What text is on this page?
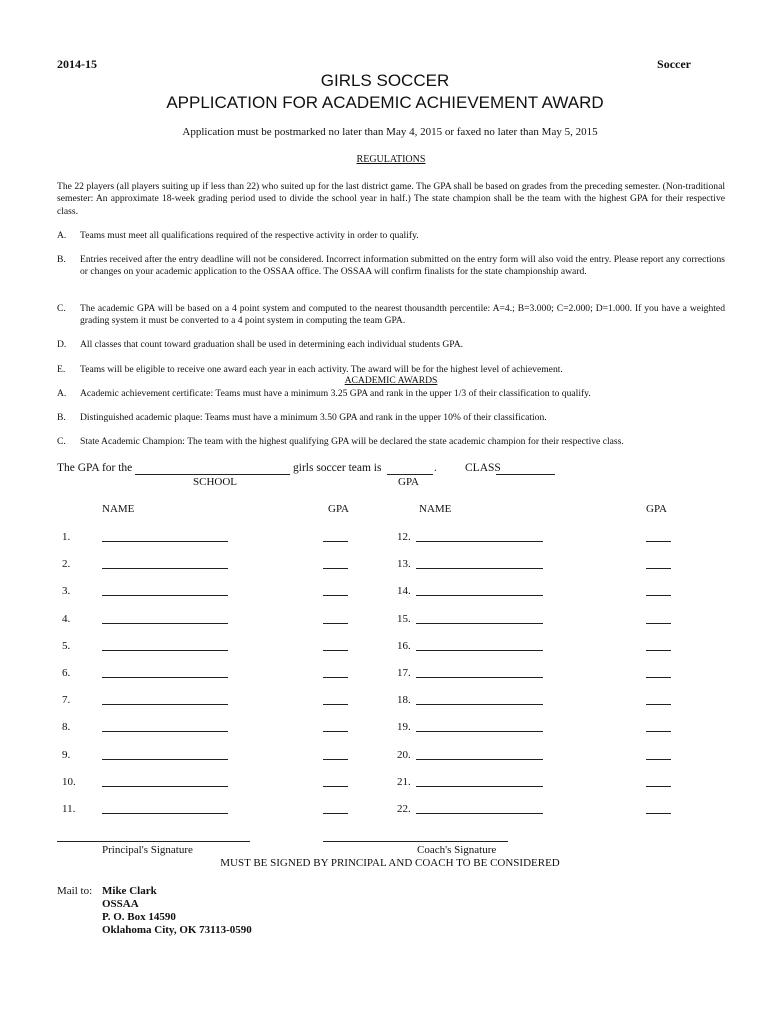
2014-15	Soccer
GIRLS SOCCER
APPLICATION FOR ACADEMIC ACHIEVEMENT AWARD
Application must be postmarked no later than May 4, 2015 or faxed no later than May 5, 2015
REGULATIONS
The 22 players (all players suiting up if less than 22) who suited up for the last district game. The GPA shall be based on grades from the preceding semester. (Non-traditional semester: An approximate 18-week grading period used to divide the school year in half.) The state champion shall be the team with the highest GPA for their respective class.
A. Teams must meet all qualifications required of the respective activity in order to qualify.
B. Entries received after the entry deadline will not be considered. Incorrect information submitted on the entry form will also void the entry. Please report any corrections or changes on your academic application to the OSSAA office. The OSSAA will confirm finalists for the state championship award.
C. The academic GPA will be based on a 4 point system and computed to the nearest thousandth percentile: A=4.; B=3.000; C=2.000; D=1.000. If you have a weighted grading system it must be converted to a 4 point system in computing the team GPA.
D. All classes that count toward graduation shall be used in determining each individual students GPA.
E. Teams will be eligible to receive one award each year in each activity. The award will be for the highest level of achievement.
ACADEMIC AWARDS
A. Academic achievement certificate: Teams must have a minimum 3.25 GPA and rank in the upper 1/3 of their classification to qualify.
B. Distinguished academic plaque: Teams must have a minimum 3.50 GPA and rank in the upper 10% of their classification.
C. State Academic Champion: The team with the highest qualifying GPA will be declared the state academic champion for their respective class.
The GPA for the	girls soccer team is	. CLASS
SCHOOL	GPA
NAME	GPA	NAME	GPA
1.
2.
3.
4.
5.
6.
7.
8.
9.
10.
11.
12.
13.
14.
15.
16.
17.
18.
19.
20.
21.
22.
Principal's Signature	Coach's Signature
MUST BE SIGNED BY PRINCIPAL AND COACH TO BE CONSIDERED
Mail to: Mike Clark
OSSAA
P. O. Box 14590
Oklahoma City, OK 73113-0590
